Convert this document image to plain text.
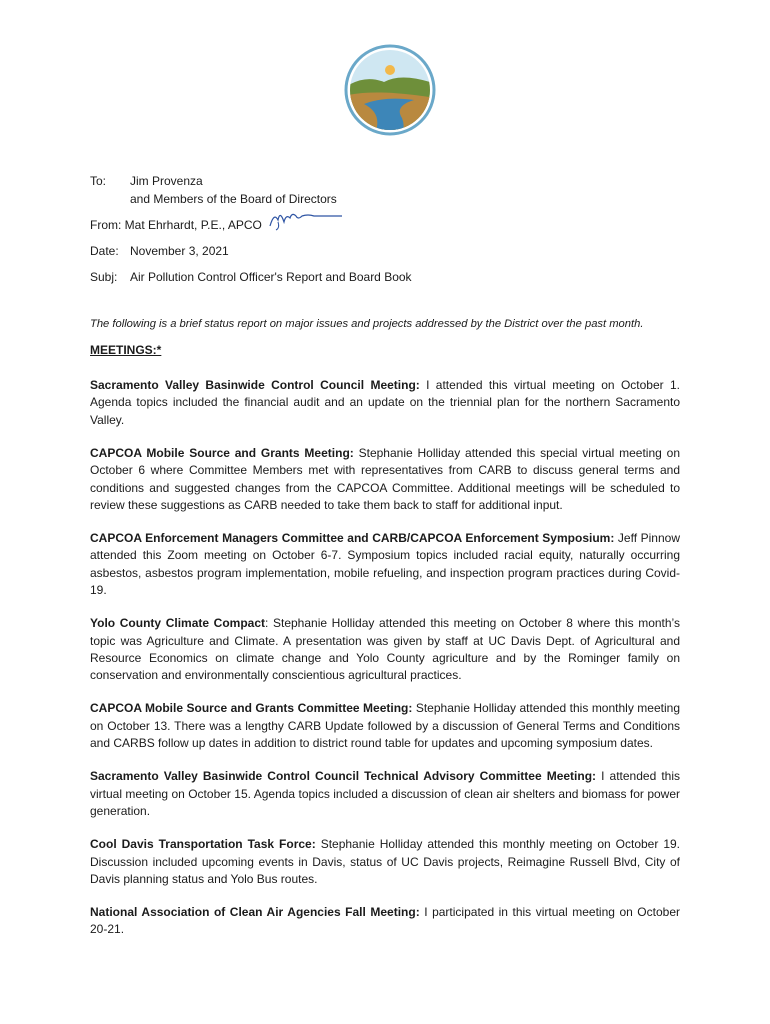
To:	Jim Provenza
and Members of the Board of Directors
From: Mat Ehrhardt, P.E., APCO
Date: November 3, 2021
Subj:	Air Pollution Control Officer's Report and Board Book
The following is a brief status report on major issues and projects addressed by the District over the past month.
MEETINGS:*

Sacramento Valley Basinwide Control Council Meeting: I attended this virtual meeting on October 1. Agenda topics included the financial audit and an update on the triennial plan for the northern Sacramento Valley.

CAPCOA Mobile Source and Grants Meeting: Stephanie Holliday attended this special virtual meeting on October 6 where Committee Members met with representatives from CARB to discuss general terms and conditions and suggested changes from the CAPCOA Committee. Additional meetings will be scheduled to review these suggestions as CARB needed to take them back to staff for additional input.

CAPCOA Enforcement Managers Committee and CARB/CAPCOA Enforcement Symposium: Jeff Pinnow attended this Zoom meeting on October 6-7. Symposium topics included racial equity, naturally occurring asbestos, asbestos program implementation, mobile refueling, and inspection program practices during Covid-19.

Yolo County Climate Compact: Stephanie Holliday attended this meeting on October 8 where this month’s topic was Agriculture and Climate. A presentation was given by staff at UC Davis Dept. of Agricultural and Resource Economics on climate change and Yolo County agriculture and by the Rominger family on conservation and environmentally conscientious agricultural practices.

CAPCOA Mobile Source and Grants Committee Meeting: Stephanie Holliday attended this monthly meeting on October 13. There was a lengthy CARB Update followed by a discussion of General Terms and Conditions and CARBS follow up dates in addition to district round table for updates and upcoming symposium dates.

Sacramento Valley Basinwide Control Council Technical Advisory Committee Meeting: I attended this virtual meeting on October 15. Agenda topics included a discussion of clean air shelters and biomass for power generation.

Cool Davis Transportation Task Force: Stephanie Holliday attended this monthly meeting on October 19. Discussion included upcoming events in Davis, status of UC Davis projects, Reimagine Russell Blvd, City of Davis planning status and Yolo Bus routes.

National Association of Clean Air Agencies Fall Meeting: I participated in this virtual meeting on October 20-21.
